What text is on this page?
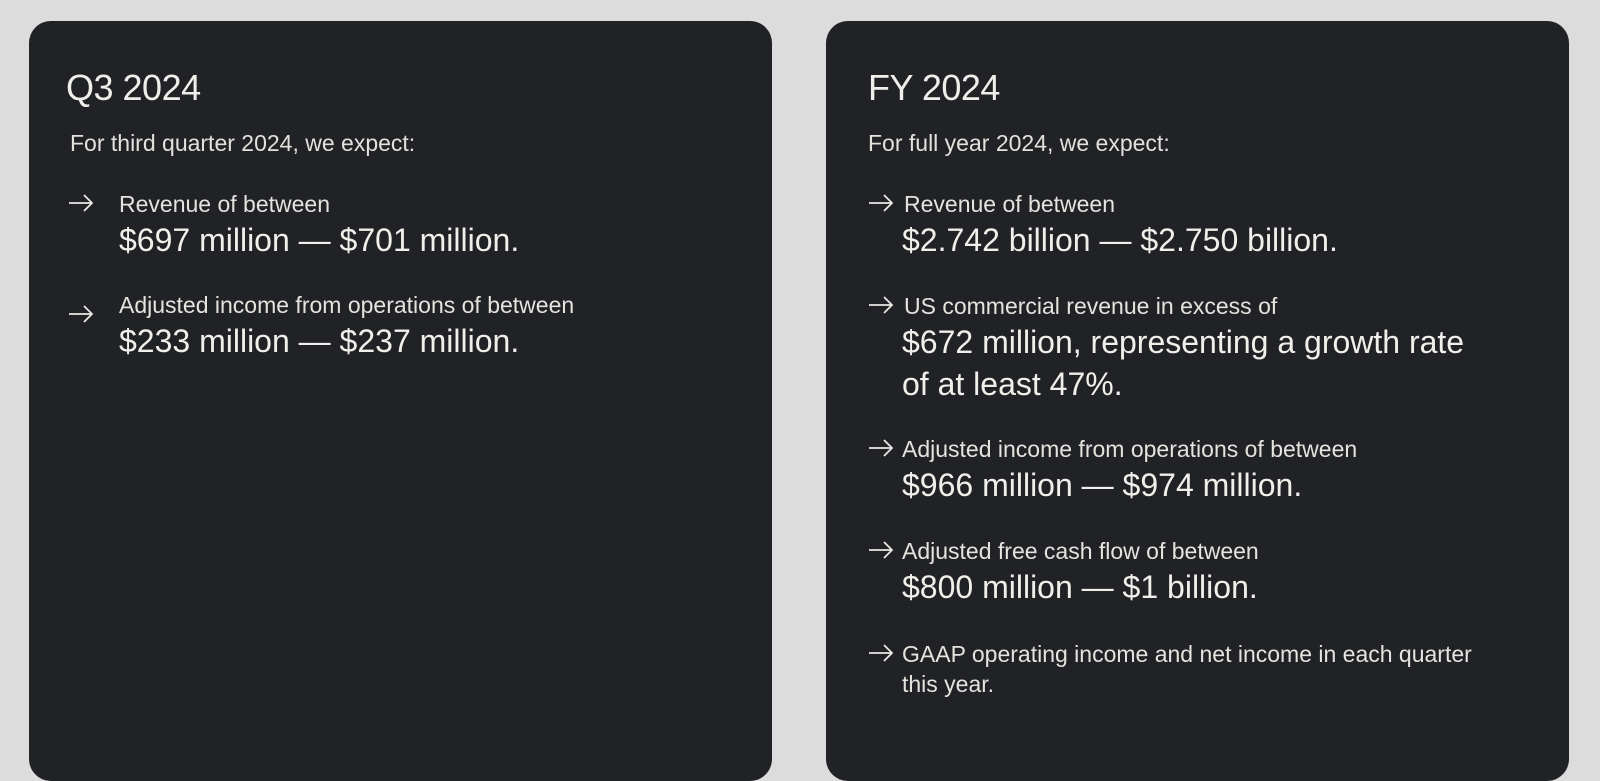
Q3 2024
For third quarter 2024, we expect:
Revenue of between
$697 million — $701 million.
Adjusted income from operations of between
$233 million — $237 million.
FY 2024
For full year 2024, we expect:
Revenue of between
$2.742 billion — $2.750 billion.
US commercial revenue in excess of
$672 million, representing a growth rate of at least 47%.
Adjusted income from operations of between
$966 million — $974 million.
Adjusted free cash flow of between
$800 million — $1 billion.
GAAP operating income and net income in each quarter this year.
